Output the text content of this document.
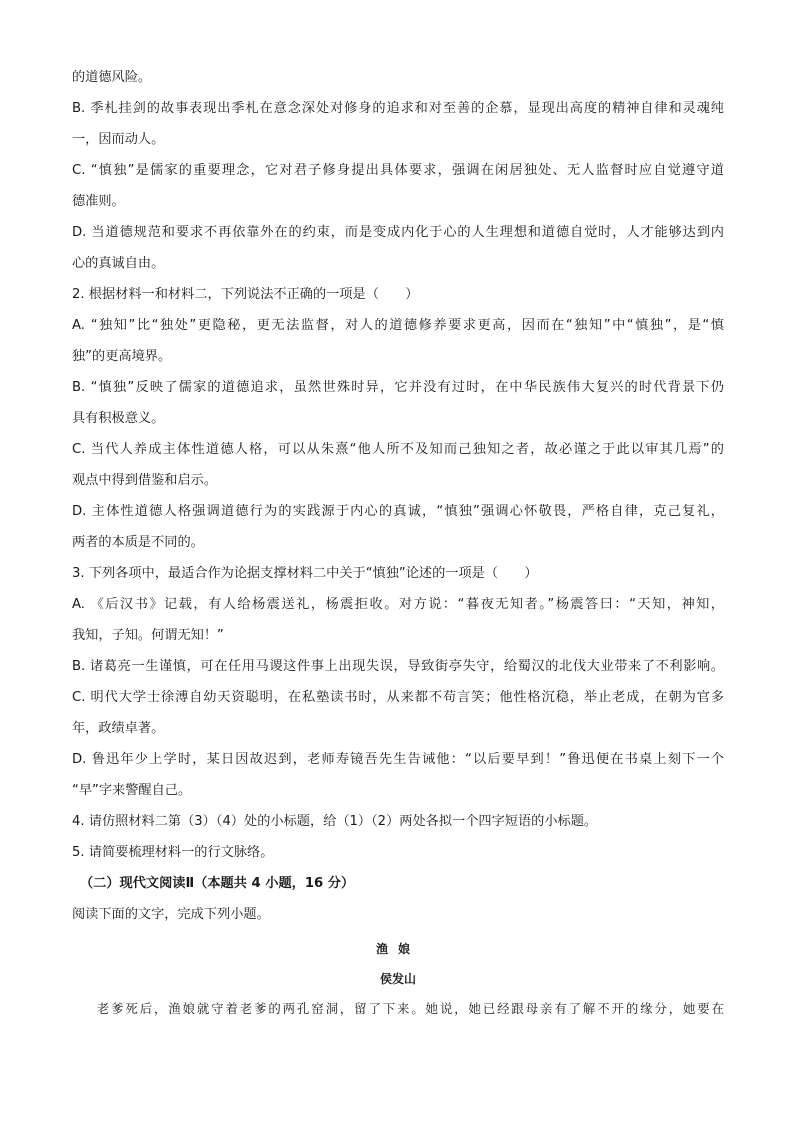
的道德风险。
B. 季札挂剑的故事表现出季札在意念深处对修身的追求和对至善的企慕，显现出高度的精神自律和灵魂纯
一，因而动人。
C. “慎独”是儒家的重要理念，它对君子修身提出具体要求，强调在闲居独处、无人监督时应自觉遵守道
德准则。
D. 当道德规范和要求不再依靠外在的约束，而是变成内化于心的人生理想和道德自觉时，人才能够达到内
心的真诚自由。
2. 根据材料一和材料二，下列说法不正确的一项是（　　）
A. “独知”比“独处”更隐秘，更无法监督，对人的道德修养要求更高，因而在“独知”中“慎独”，是“慎
独”的更高境界。
B. “慎独”反映了儒家的道德追求，虽然世殊时异，它并没有过时，在中华民族伟大复兴的时代背景下仍
具有积极意义。
C. 当代人养成主体性道德人格，可以从朱熹“他人所不及知而己独知之者，故必谨之于此以审其几焉”的
观点中得到借鉴和启示。
D. 主体性道德人格强调道德行为的实践源于内心的真诚，“慎独”强调心怀敬畏，严格自律，克己复礼，
两者的本质是不同的。
3. 下列各项中，最适合作为论据支撑材料二中关于“慎独”论述的一项是（　　）
A. 《后汉书》记载，有人给杨震送礼，杨震拒收。对方说：“暮夜无知者。”杨震答曰：“天知，神知，
我知，子知。何谓无知！”
B. 诸葛亮一生谨慎，可在任用马谡这件事上出现失误，导致街亭失守，给蜀汉的北伐大业带来了不利影响。
C. 明代大学士徐溥自幼天资聪明，在私塾读书时，从来都不苟言笑；他性格沉稳，举止老成，在朝为官多
年，政绩卓著。
D. 鲁迅年少上学时，某日因故迟到，老师寿镜吾先生告诫他：“以后要早到！”鲁迅便在书桌上刻下一个
“早”字来警醒自己。
4. 请仿照材料二第（3）（4）处的小标题，给（1）（2）两处各拟一个四字短语的小标题。
5. 请简要梳理材料一的行文脉络。
（二）现代文阅读Ⅱ（本题共 4 小题，16 分）
阅读下面的文字，完成下列小题。
渔娘
侯发山
老爹死后，渔娘就守着老爹的两孔窑洞，留了下来。她说，她已经跟母亲有了解不开的缘分，她要在
